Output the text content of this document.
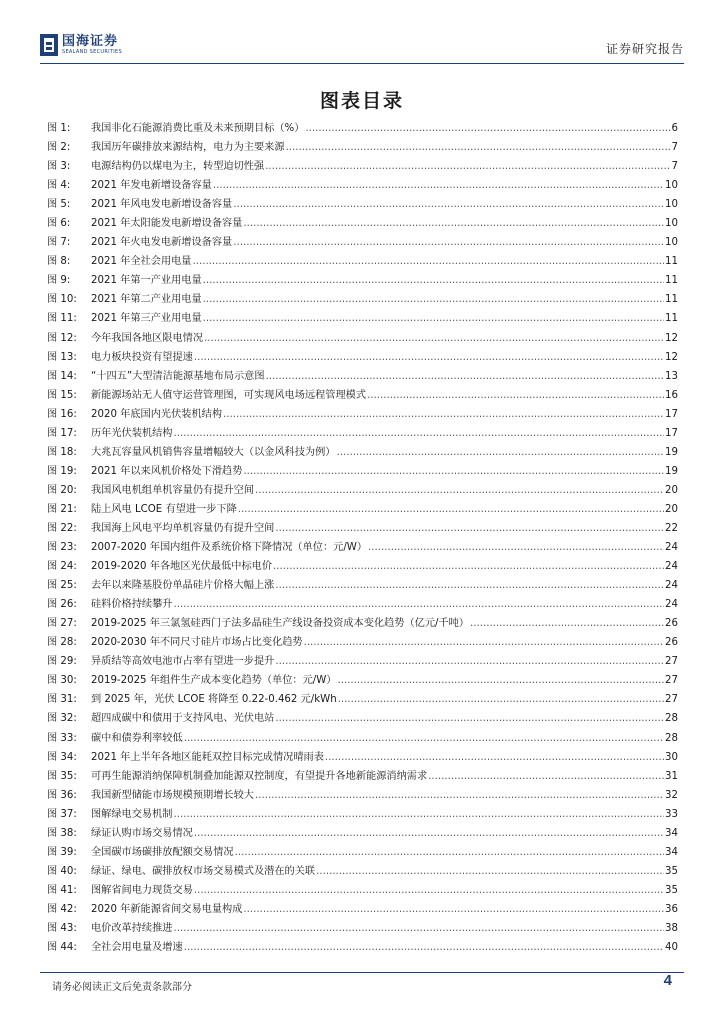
国海证券
SEALAND SECURITIES	证券研究报告
图表目录
图 1:	我国非化石能源消费比重及未来预期目标（%） .....	6
图 2:	我国历年碳排放来源结构，电力为主要来源 .....	7
图 3:	电源结构仍以煤电为主，转型迫切性强 .....	7
图 4:	2021 年发电新增设备容量 .....	10
图 5:	2021 年风电发电新增设备容量 .....	10
图 6:	2021 年太阳能发电新增设备容量 .....	10
图 7:	2021 年火电发电新增设备容量 .....	10
图 8:	2021 年全社会用电量 .....	11
图 9:	2021 年第一产业用电量 .....	11
图 10:	2021 年第二产业用电量 .....	11
图 11:	2021 年第三产业用电量 .....	11
图 12:	今年我国各地区限电情况 .....	12
图 13:	电力板块投资有望提速 .....	12
图 14:	“十四五”大型清洁能源基地布局示意图 .....	13
图 15:	新能源场站无人值守运营管理图，可实现风电场远程管理模式 .....	16
图 16:	2020 年底国内光伏装机结构 .....	17
图 17:	历年光伏装机结构 .....	17
图 18:	大兆瓦容量风机销售容量增幅较大（以金风科技为例） .....	19
图 19:	2021 年以来风机价格处下滑趋势 .....	19
图 20:	我国风电机组单机容量仍有提升空间 .....	20
图 21:	陆上风电 LCOE 有望进一步下降 .....	20
图 22:	我国海上风电平均单机容量仍有提升空间 .....	22
图 23:	2007-2020 年国内组件及系统价格下降情况（单位：元/W） .....	24
图 24:	2019-2020 年各地区光伏最低中标电价 .....	24
图 25:	去年以来隆基股份单晶硅片价格大幅上涨 .....	24
图 26:	硅料价格持续攀升 .....	24
图 27:	2019-2025 年三氯氢硅西门子法多晶硅生产线设备投资成本变化趋势（亿元/千吨） .....	26
图 28:	2020-2030 年不同尺寸硅片市场占比变化趋势 .....	26
图 29:	异质结等高效电池市占率有望进一步提升 .....	27
图 30:	2019-2025 年组件生产成本变化趋势（单位：元/W） .....	27
图 31:	到 2025 年，光伏 LCOE 将降至 0.22-0.462 元/kWh .....	27
图 32:	超四成碳中和债用于支持风电、光伏电站 .....	28
图 33:	碳中和债券利率较低 .....	28
图 34:	2021 年上半年各地区能耗双控目标完成情况晴雨表 .....	30
图 35:	可再生能源消纳保障机制叠加能源双控制度，有望提升各地新能源消纳需求 .....	31
图 36:	我国新型储能市场规模预期增长较大 .....	32
图 37:	图解绿电交易机制 .....	33
图 38:	绿证认购市场交易情况 .....	34
图 39:	全国碳市场碳排放配额交易情况 .....	34
图 40:	绿证、绿电、碳排放权市场交易模式及潜在的关联 .....	35
图 41:	图解省间电力现货交易 .....	35
图 42:	2020 年新能源省间交易电量构成 .....	36
图 43:	电价改革持续推进 .....	38
图 44:	全社会用电量及增速 .....	40
请务必阅读正文后免责条款部分	4
